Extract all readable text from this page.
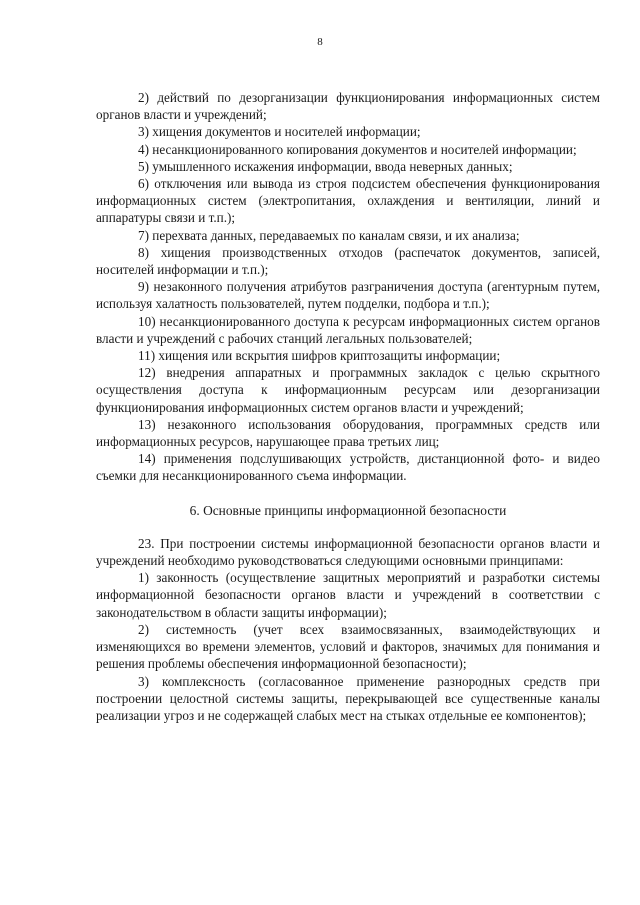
8

2) действий по дезорганизации функционирования информационных систем органов власти и учреждений;

3) хищения документов и носителей информации;

4) несанкционированного копирования документов и носителей информации;

5) умышленного искажения информации, ввода неверных данных;

6) отключения или вывода из строя подсистем обеспечения функционирования информационных систем (электропитания, охлаждения и вентиляции, линий и аппаратуры связи и т.п.);

7) перехвата данных, передаваемых по каналам связи, и их анализа;

8) хищения производственных отходов (распечаток документов, записей, носителей информации и т.п.);

9) незаконного получения атрибутов разграничения доступа (агентурным путем, используя халатность пользователей, путем подделки, подбора и т.п.);

10) несанкционированного доступа к ресурсам информационных систем органов власти и учреждений с рабочих станций легальных пользователей;

11) хищения или вскрытия шифров криптозащиты информации;

12) внедрения аппаратных и программных закладок с целью скрытного осуществления доступа к информационным ресурсам или дезорганизации функционирования информационных систем органов власти и учреждений;

13) незаконного использования оборудования, программных средств или информационных ресурсов, нарушающее права третьих лиц;

14) применения подслушивающих устройств, дистанционной фото- и видео съемки для несанкционированного съема информации.

6. Основные принципы информационной безопасности

23. При построении системы информационной безопасности органов власти и учреждений необходимо руководствоваться следующими основными принципами:

1) законность (осуществление защитных мероприятий и разработки системы информационной безопасности органов власти и учреждений в соответствии с законодательством в области защиты информации);

2) системность (учет всех взаимосвязанных, взаимодействующих и изменяющихся во времени элементов, условий и факторов, значимых для понимания и решения проблемы обеспечения информационной безопасности);

3) комплексность (согласованное применение разнородных средств при построении целостной системы защиты, перекрывающей все существенные каналы реализации угроз и не содержащей слабых мест на стыках отдельные ее компонентов);
